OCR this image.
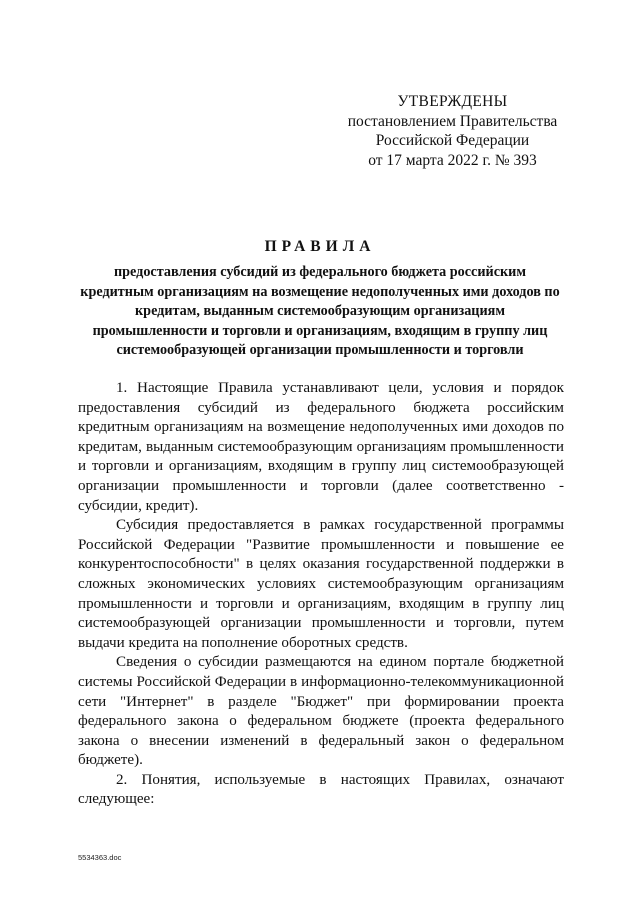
УТВЕРЖДЕНЫ
постановлением Правительства
Российской Федерации
от 17 марта 2022 г. № 393
ПРАВИЛА
предоставления субсидий из федерального бюджета российским кредитным организациям на возмещение недополученных ими доходов по кредитам, выданным системообразующим организациям промышленности и торговли и организациям, входящим в группу лиц системообразующей организации промышленности и торговли

1. Настоящие Правила устанавливают цели, условия и порядок предоставления субсидий из федерального бюджета российским кредитным организациям на возмещение недополученных ими доходов по кредитам, выданным системообразующим организациям промышленности и торговли и организациям, входящим в группу лиц системообразующей организации промышленности и торговли (далее соответственно - субсидии, кредит).

Субсидия предоставляется в рамках государственной программы Российской Федерации "Развитие промышленности и повышение ее конкурентоспособности" в целях оказания государственной поддержки в сложных экономических условиях системообразующим организациям промышленности и торговли и организациям, входящим в группу лиц системообразующей организации промышленности и торговли, путем выдачи кредита на пополнение оборотных средств.

Сведения о субсидии размещаются на едином портале бюджетной системы Российской Федерации в информационно-телекоммуникационной сети "Интернет" в разделе "Бюджет" при формировании проекта федерального закона о федеральном бюджете (проекта федерального закона о внесении изменений в федеральный закон о федеральном бюджете).

2. Понятия, используемые в настоящих Правилах, означают следующее:

5534363.doc
